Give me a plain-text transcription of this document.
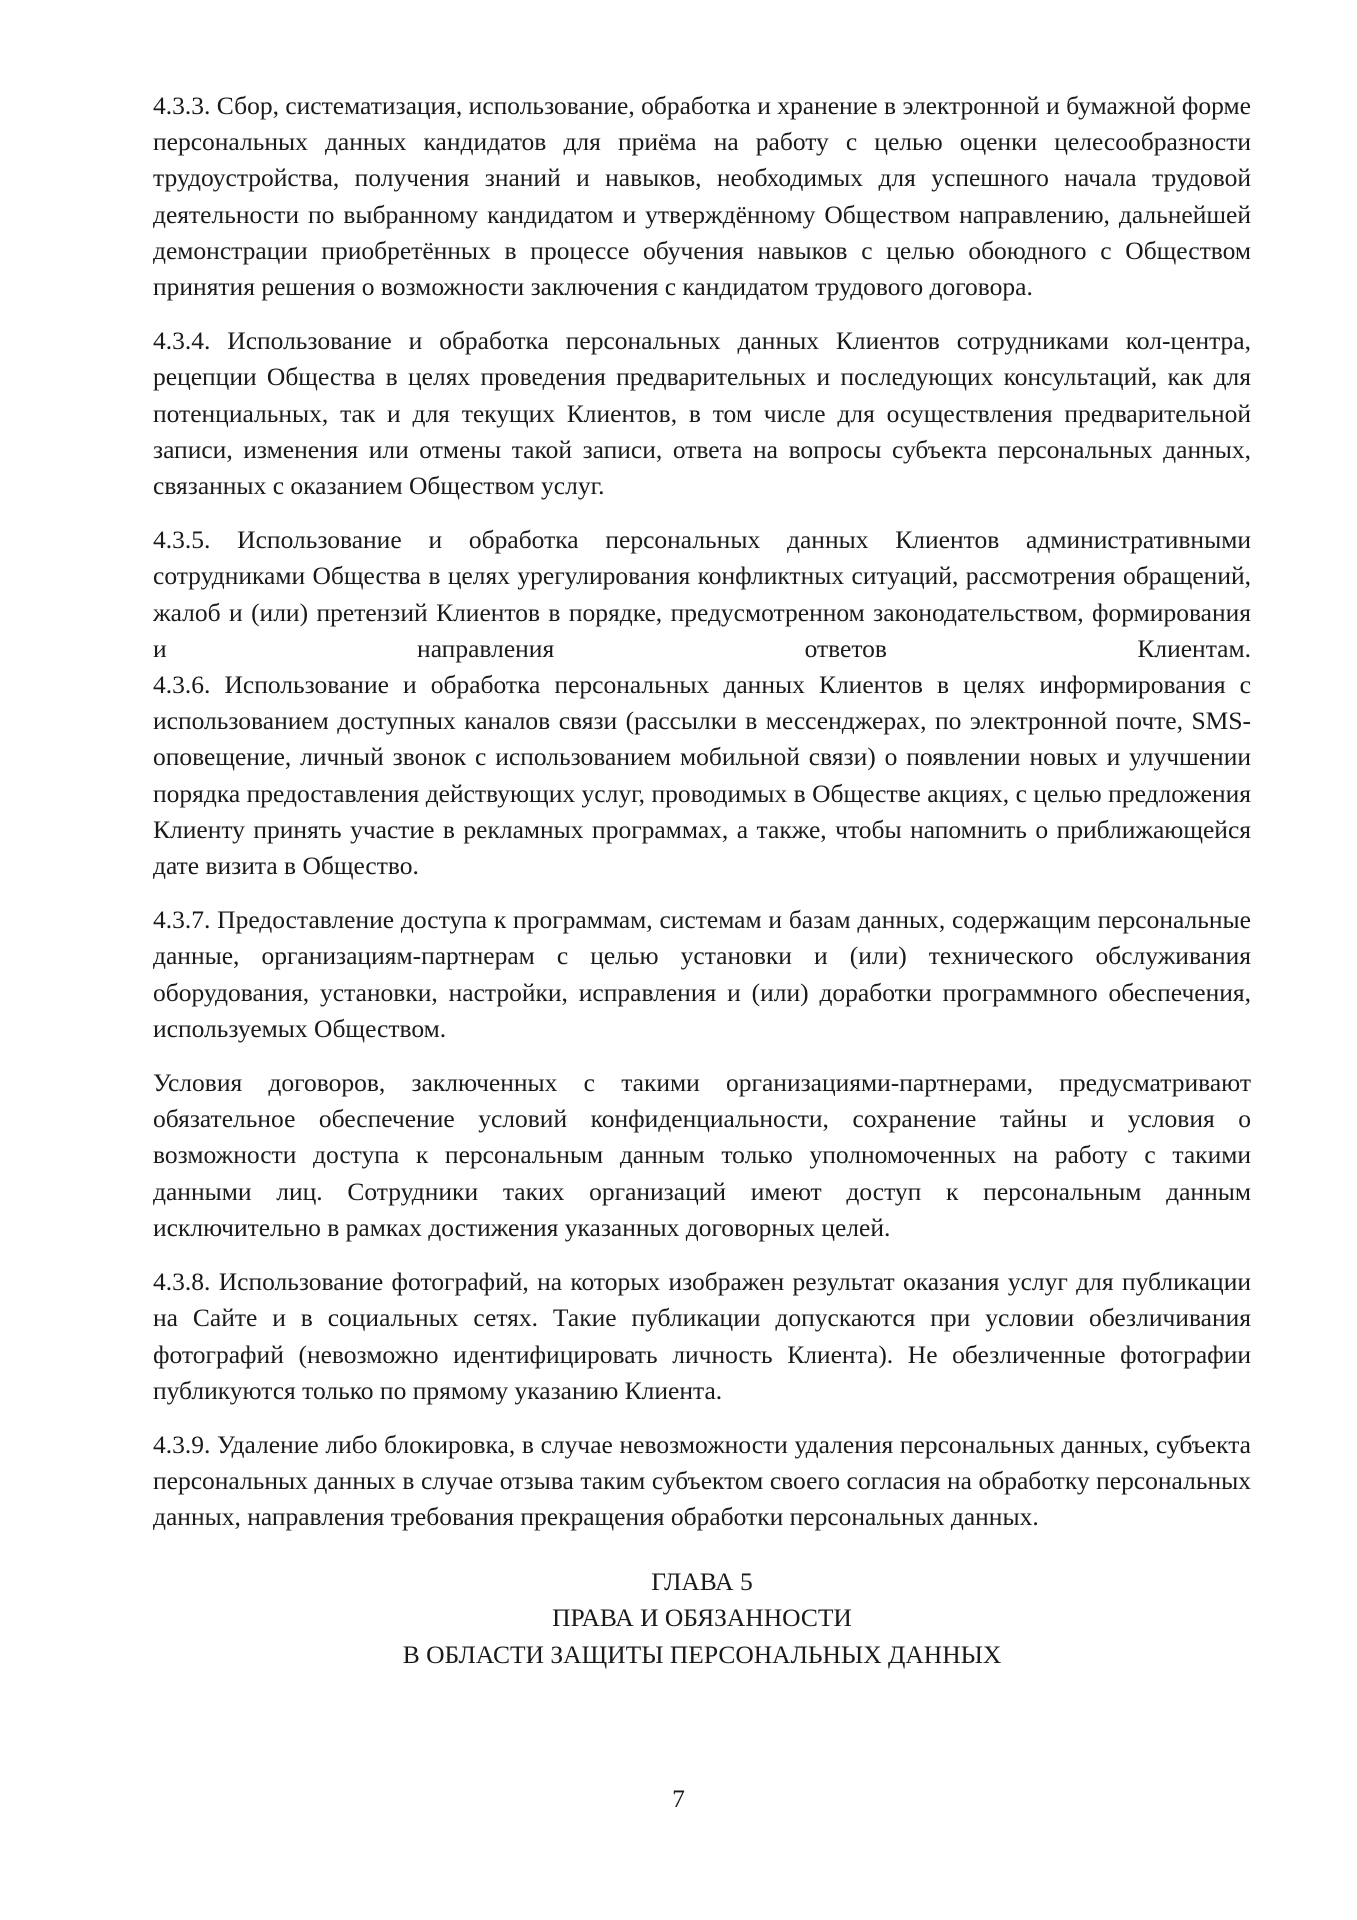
4.3.3. Сбор, систематизация, использование, обработка и хранение в электронной и бумажной форме персональных данных кандидатов для приёма на работу с целью оценки целесообразности трудоустройства, получения знаний и навыков, необходимых для успешного начала трудовой деятельности по выбранному кандидатом и утверждённому Обществом направлению, дальнейшей демонстрации приобретённых в процессе обучения навыков с целью обоюдного с Обществом принятия решения о возможности заключения с кандидатом трудового договора.

4.3.4. Использование и обработка персональных данных Клиентов сотрудниками кол-центра, рецепции Общества в целях проведения предварительных и последующих консультаций, как для потенциальных, так и для текущих Клиентов, в том числе для осуществления предварительной записи, изменения или отмены такой записи, ответа на вопросы субъекта персональных данных, связанных с оказанием Обществом услуг.

4.3.5. Использование и обработка персональных данных Клиентов административными сотрудниками Общества в целях урегулирования конфликтных ситуаций, рассмотрения обращений, жалоб и (или) претензий Клиентов в порядке, предусмотренном законодательством, формирования и направления ответов Клиентам.

4.3.6. Использование и обработка персональных данных Клиентов в целях информирования с использованием доступных каналов связи (рассылки в мессенджерах, по электронной почте, SMS-оповещение, личный звонок с использованием мобильной связи) о появлении новых и улучшении порядка предоставления действующих услуг, проводимых в Обществе акциях, с целью предложения Клиенту принять участие в рекламных программах, а также, чтобы напомнить о приближающейся дате визита в Общество.

4.3.7. Предоставление доступа к программам, системам и базам данных, содержащим персональные данные, организациям-партнерам с целью установки и (или) технического обслуживания оборудования, установки, настройки, исправления и (или) доработки программного обеспечения, используемых Обществом.

Условия договоров, заключенных с такими организациями-партнерами, предусматривают обязательное обеспечение условий конфиденциальности, сохранение тайны и условия о возможности доступа к персональным данным только уполномоченных на работу с такими данными лиц. Сотрудники таких организаций имеют доступ к персональным данным исключительно в рамках достижения указанных договорных целей.

4.3.8. Использование фотографий, на которых изображен результат оказания услуг для публикации на Сайте и в социальных сетях. Такие публикации допускаются при условии обезличивания фотографий (невозможно идентифицировать личность Клиента). Не обезличенные фотографии публикуются только по прямому указанию Клиента.

4.3.9. Удаление либо блокировка, в случае невозможности удаления персональных данных, субъекта персональных данных в случае отзыва таким субъектом своего согласия на обработку персональных данных, направления требования прекращения обработки персональных данных.

ГЛАВА 5
ПРАВА И ОБЯЗАННОСТИ
В ОБЛАСТИ ЗАЩИТЫ ПЕРСОНАЛЬНЫХ ДАННЫХ
7
